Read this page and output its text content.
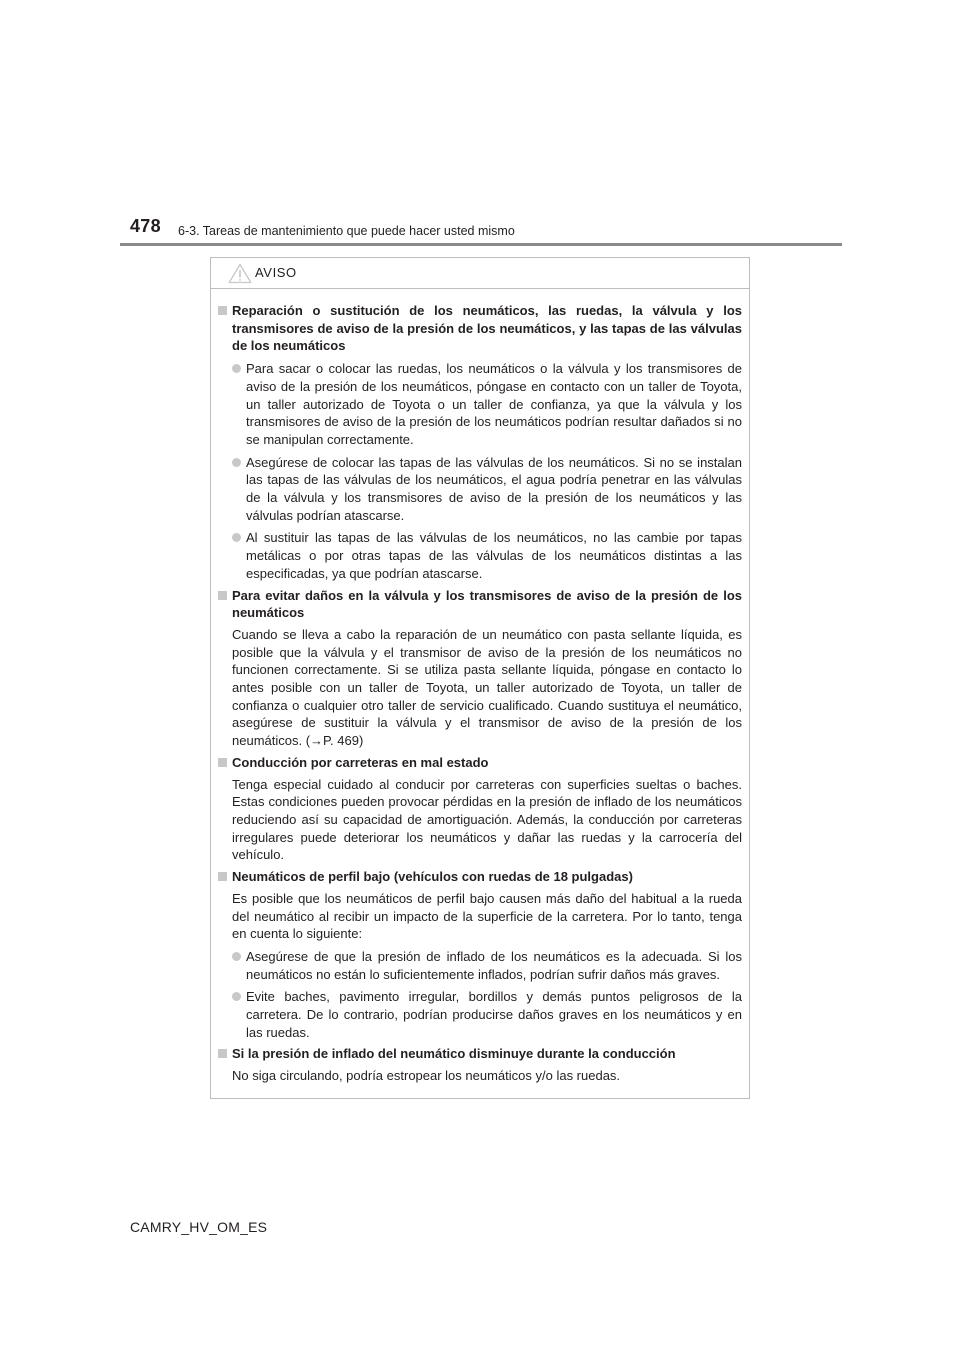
478 6-3. Tareas de mantenimiento que puede hacer usted mismo
AVISO
Reparación o sustitución de los neumáticos, las ruedas, la válvula y los transmisores de aviso de la presión de los neumáticos, y las tapas de las válvulas de los neumáticos
Para sacar o colocar las ruedas, los neumáticos o la válvula y los transmisores de aviso de la presión de los neumáticos, póngase en contacto con un taller de Toyota, un taller autorizado de Toyota o un taller de confianza, ya que la válvula y los transmisores de aviso de la presión de los neumáticos podrían resultar dañados si no se manipulan correctamente.
Asegúrese de colocar las tapas de las válvulas de los neumáticos. Si no se instalan las tapas de las válvulas de los neumáticos, el agua podría penetrar en las válvulas de la válvula y los transmisores de aviso de la presión de los neumáticos y las válvulas podrían atascarse.
Al sustituir las tapas de las válvulas de los neumáticos, no las cambie por tapas metálicas o por otras tapas de las válvulas de los neumáticos distintas a las especificadas, ya que podrían atascarse.
Para evitar daños en la válvula y los transmisores de aviso de la presión de los neumáticos
Cuando se lleva a cabo la reparación de un neumático con pasta sellante líquida, es posible que la válvula y el transmisor de aviso de la presión de los neumáticos no funcionen correctamente. Si se utiliza pasta sellante líquida, póngase en contacto lo antes posible con un taller de Toyota, un taller autorizado de Toyota, un taller de confianza o cualquier otro taller de servicio cualificado. Cuando sustituya el neumático, asegúrese de sustituir la válvula y el transmisor de aviso de la presión de los neumáticos. (→P. 469)
Conducción por carreteras en mal estado
Tenga especial cuidado al conducir por carreteras con superficies sueltas o baches. Estas condiciones pueden provocar pérdidas en la presión de inflado de los neumáticos reduciendo así su capacidad de amortiguación. Además, la conducción por carreteras irregulares puede deteriorar los neumáticos y dañar las ruedas y la carrocería del vehículo.
Neumáticos de perfil bajo (vehículos con ruedas de 18 pulgadas)
Es posible que los neumáticos de perfil bajo causen más daño del habitual a la rueda del neumático al recibir un impacto de la superficie de la carretera. Por lo tanto, tenga en cuenta lo siguiente:
Asegúrese de que la presión de inflado de los neumáticos es la adecuada. Si los neumáticos no están lo suficientemente inflados, podrían sufrir daños más graves.
Evite baches, pavimento irregular, bordillos y demás puntos peligrosos de la carretera. De lo contrario, podrían producirse daños graves en los neumáticos y en las ruedas.
Si la presión de inflado del neumático disminuye durante la conducción
No siga circulando, podría estropear los neumáticos y/o las ruedas.
CAMRY_HV_OM_ES
